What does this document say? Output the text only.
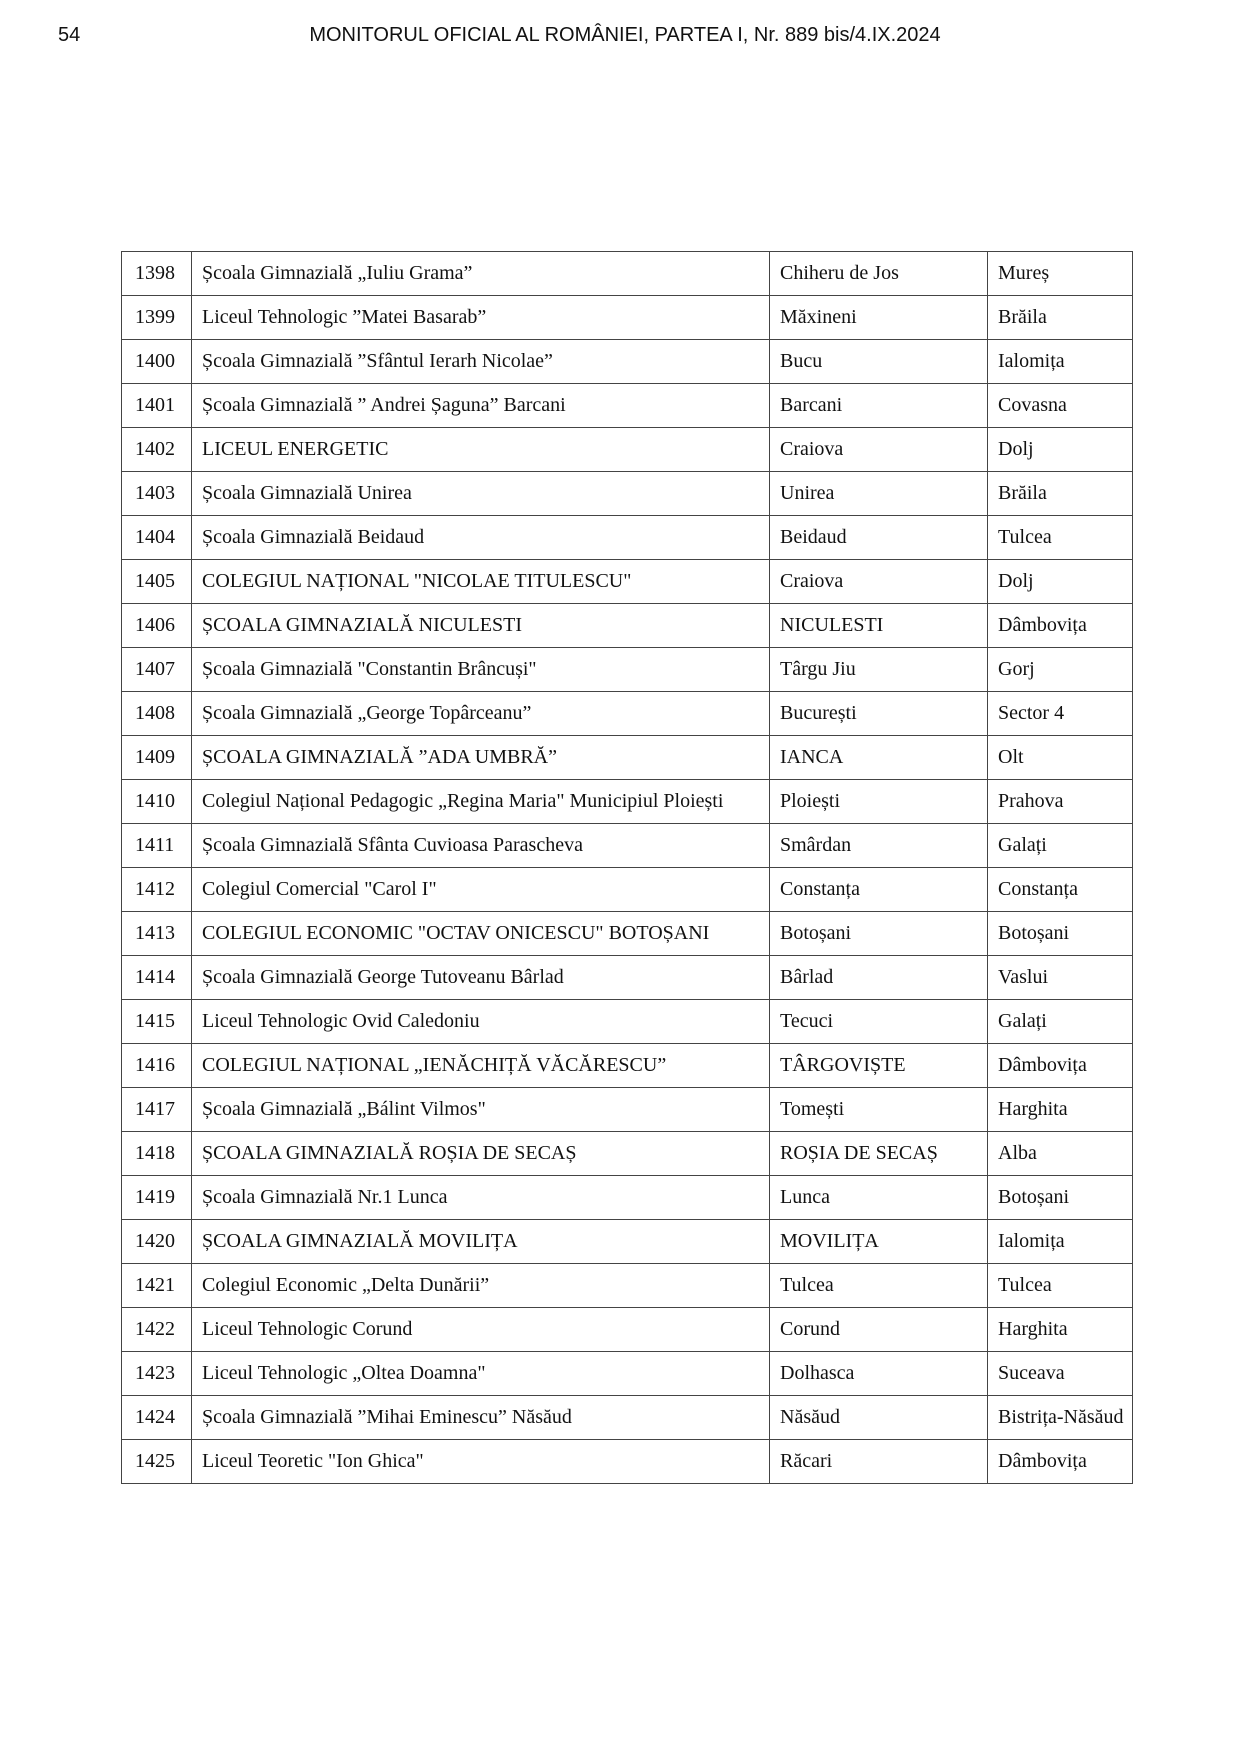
54	MONITORUL OFICIAL AL ROMÂNIEI, PARTEA I, Nr. 889 bis/4.IX.2024
1398	Școala Gimnazială „Iuliu Grama”	Chiheru de Jos	Mureș
1399	Liceul Tehnologic ”Matei Basarab”	Măxineni	Brăila
1400	Școala Gimnazială ”Sfântul Ierarh Nicolae”	Bucu	Ialomița
1401	Școala Gimnazială ” Andrei Șaguna” Barcani	Barcani	Covasna
1402	LICEUL ENERGETIC	Craiova	Dolj
1403	Școala Gimnazială Unirea	Unirea	Brăila
1404	Școala Gimnazială Beidaud	Beidaud	Tulcea
1405	COLEGIUL NAȚIONAL "NICOLAE TITULESCU"	Craiova	Dolj
1406	ȘCOALA GIMNAZIALĂ NICULESTI	NICULESTI	Dâmbovița
1407	Școala Gimnazială "Constantin Brâncuși"	Târgu Jiu	Gorj
1408	Școala Gimnazială „George Topârceanu”	București	Sector 4
1409	ȘCOALA GIMNAZIALĂ ”ADA UMBRĂ”	IANCA	Olt
1410	Colegiul Național Pedagogic „Regina Maria" Municipiul Ploiești	Ploiești	Prahova
1411	Școala Gimnazială Sfânta Cuvioasa Parascheva	Smârdan	Galați
1412	Colegiul Comercial "Carol I"	Constanța	Constanța
1413	COLEGIUL ECONOMIC "OCTAV ONICESCU" BOTOȘANI	Botoșani	Botoșani
1414	Școala Gimnazială George Tutoveanu Bârlad	Bârlad	Vaslui
1415	Liceul Tehnologic Ovid Caledoniu	Tecuci	Galați
1416	COLEGIUL NAȚIONAL „IENĂCHIȚĂ VĂCĂRESCU”	TÂRGOVIȘTE	Dâmbovița
1417	Școala Gimnazială „Bálint Vilmos"	Tomești	Harghita
1418	ȘCOALA GIMNAZIALĂ ROȘIA DE SECAȘ	ROȘIA DE SECAȘ	Alba
1419	Școala Gimnazială Nr.1 Lunca	Lunca	Botoșani
1420	ȘCOALA GIMNAZIALĂ MOVILIȚA	MOVILIȚA	Ialomița
1421	Colegiul Economic „Delta Dunării”	Tulcea	Tulcea
1422	Liceul Tehnologic Corund	Corund	Harghita
1423	Liceul Tehnologic „Oltea Doamna"	Dolhasca	Suceava
1424	Școala Gimnazială ”Mihai Eminescu” Năsăud	Năsăud	Bistrița-Năsăud
1425	Liceul Teoretic "Ion Ghica"	Răcari	Dâmbovița
